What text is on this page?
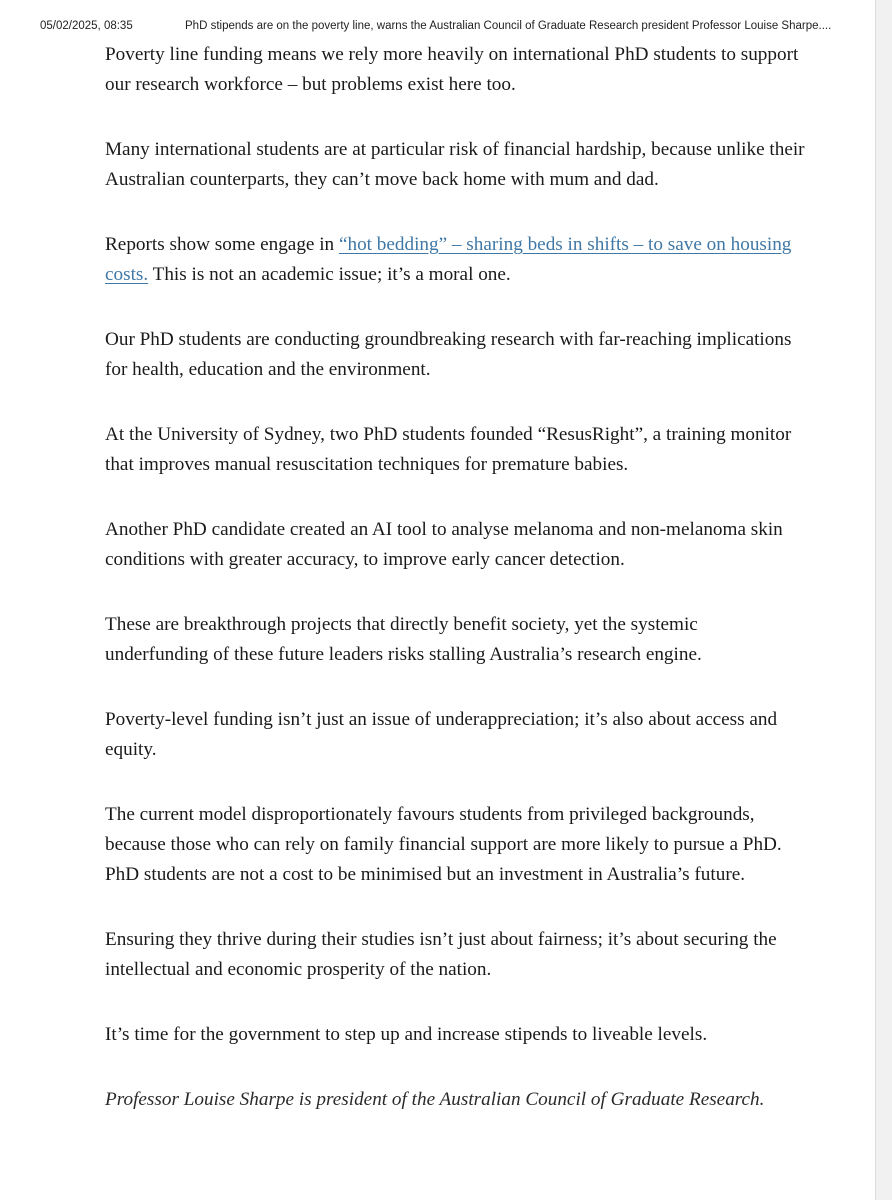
05/02/2025, 08:35	PhD stipends are on the poverty line, warns the Australian Council of Graduate Research president Professor Louise Sharpe....

Poverty line funding means we rely more heavily on international PhD students to support our research workforce – but problems exist here too.

Many international students are at particular risk of financial hardship, because unlike their Australian counterparts, they can’t move back home with mum and dad.

Reports show some engage in “hot bedding” – sharing beds in shifts – to save on housing costs. This is not an academic issue; it’s a moral one.

Our PhD students are conducting groundbreaking research with far-reaching implications for health, education and the environment.

At the University of Sydney, two PhD students founded “ResusRight”, a training monitor that improves manual resuscitation techniques for premature babies.

Another PhD candidate created an AI tool to analyse melanoma and non-melanoma skin conditions with greater accuracy, to improve early cancer detection.

These are breakthrough projects that directly benefit society, yet the systemic underfunding of these future leaders risks stalling Australia’s research engine.

Poverty-level funding isn’t just an issue of underappreciation; it’s also about access and equity.

The current model disproportionately favours students from privileged backgrounds, because those who can rely on family financial support are more likely to pursue a PhD. PhD students are not a cost to be minimised but an investment in Australia’s future.

Ensuring they thrive during their studies isn’t just about fairness; it’s about securing the intellectual and economic prosperity of the nation.

It’s time for the government to step up and increase stipends to liveable levels.

Professor Louise Sharpe is president of the Australian Council of Graduate Research.
